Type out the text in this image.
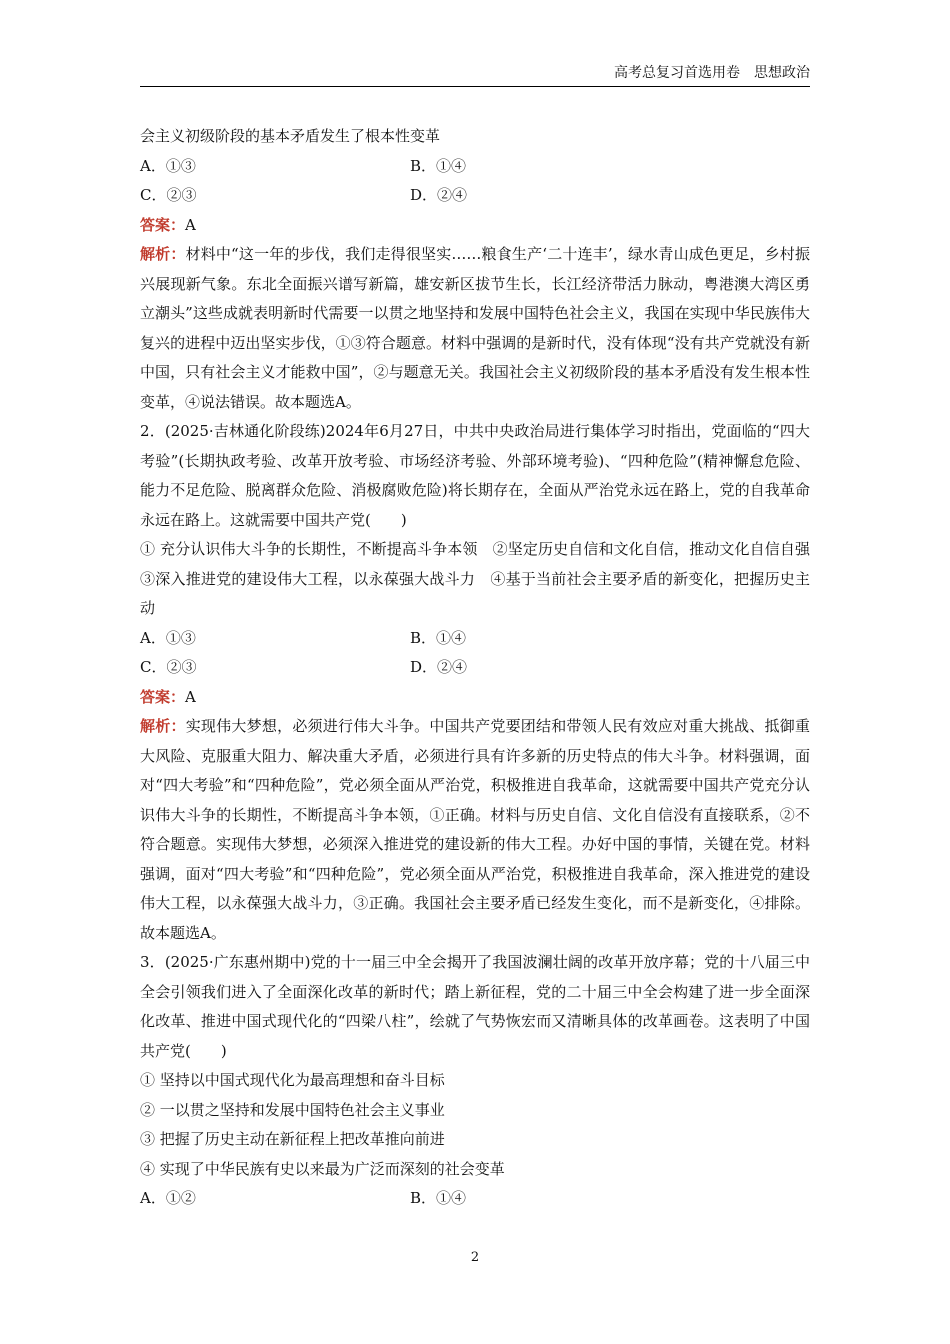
高考总复习首选用卷　思想政治

会主义初级阶段的基本矛盾发生了根本性变革

A．①③	B．①④
C．②③	D．②④

答案：A

解析：材料中“这一年的步伐，我们走得很坚实……粮食生产‘二十连丰’，绿水青山成色更足，乡村振兴展现新气象。东北全面振兴谱写新篇，雄安新区拔节生长，长江经济带活力脉动，粤港澳大湾区勇立潮头”这些成就表明新时代需要一以贯之地坚持和发展中国特色社会主义，我国在实现中华民族伟大复兴的进程中迈出坚实步伐，①③符合题意。材料中强调的是新时代，没有体现“没有共产党就没有新中国，只有社会主义才能救中国”，②与题意无关。我国社会主义初级阶段的基本矛盾没有发生根本性变革，④说法错误。故本题选A。

2．(2025·吉林通化阶段练)2024年6月27日，中共中央政治局进行集体学习时指出，党面临的“四大考验”(长期执政考验、改革开放考验、市场经济考验、外部环境考验)、“四种危险”(精神懈怠危险、能力不足危险、脱离群众危险、消极腐败危险)将长期存在，全面从严治党永远在路上，党的自我革命永远在路上。这就需要中国共产党(　　)

① 充分认识伟大斗争的长期性，不断提高斗争本领　②坚定历史自信和文化自信，推动文化自信自强　③深入推进党的建设伟大工程，以永葆强大战斗力　④基于当前社会主要矛盾的新变化，把握历史主动

A．①③	B．①④
C．②③	D．②④

答案：A

解析：实现伟大梦想，必须进行伟大斗争。中国共产党要团结和带领人民有效应对重大挑战、抵御重大风险、克服重大阻力、解决重大矛盾，必须进行具有许多新的历史特点的伟大斗争。材料强调，面对“四大考验”和“四种危险”，党必须全面从严治党，积极推进自我革命，这就需要中国共产党充分认识伟大斗争的长期性，不断提高斗争本领，①正确。材料与历史自信、文化自信没有直接联系，②不符合题意。实现伟大梦想，必须深入推进党的建设新的伟大工程。办好中国的事情，关键在党。材料强调，面对“四大考验”和“四种危险”，党必须全面从严治党，积极推进自我革命，深入推进党的建设伟大工程，以永葆强大战斗力，③正确。我国社会主要矛盾已经发生变化，而不是新变化，④排除。故本题选A。

3．(2025·广东惠州期中)党的十一届三中全会揭开了我国波澜壮阔的改革开放序幕；党的十八届三中全会引领我们进入了全面深化改革的新时代；踏上新征程，党的二十届三中全会构建了进一步全面深化改革、推进中国式现代化的“四梁八柱”，绘就了气势恢宏而又清晰具体的改革画卷。这表明了中国共产党(　　)

① 坚持以中国式现代化为最高理想和奋斗目标

② 一以贯之坚持和发展中国特色社会主义事业

③ 把握了历史主动在新征程上把改革推向前进

④ 实现了中华民族有史以来最为广泛而深刻的社会变革

A．①②	B．①④
2
